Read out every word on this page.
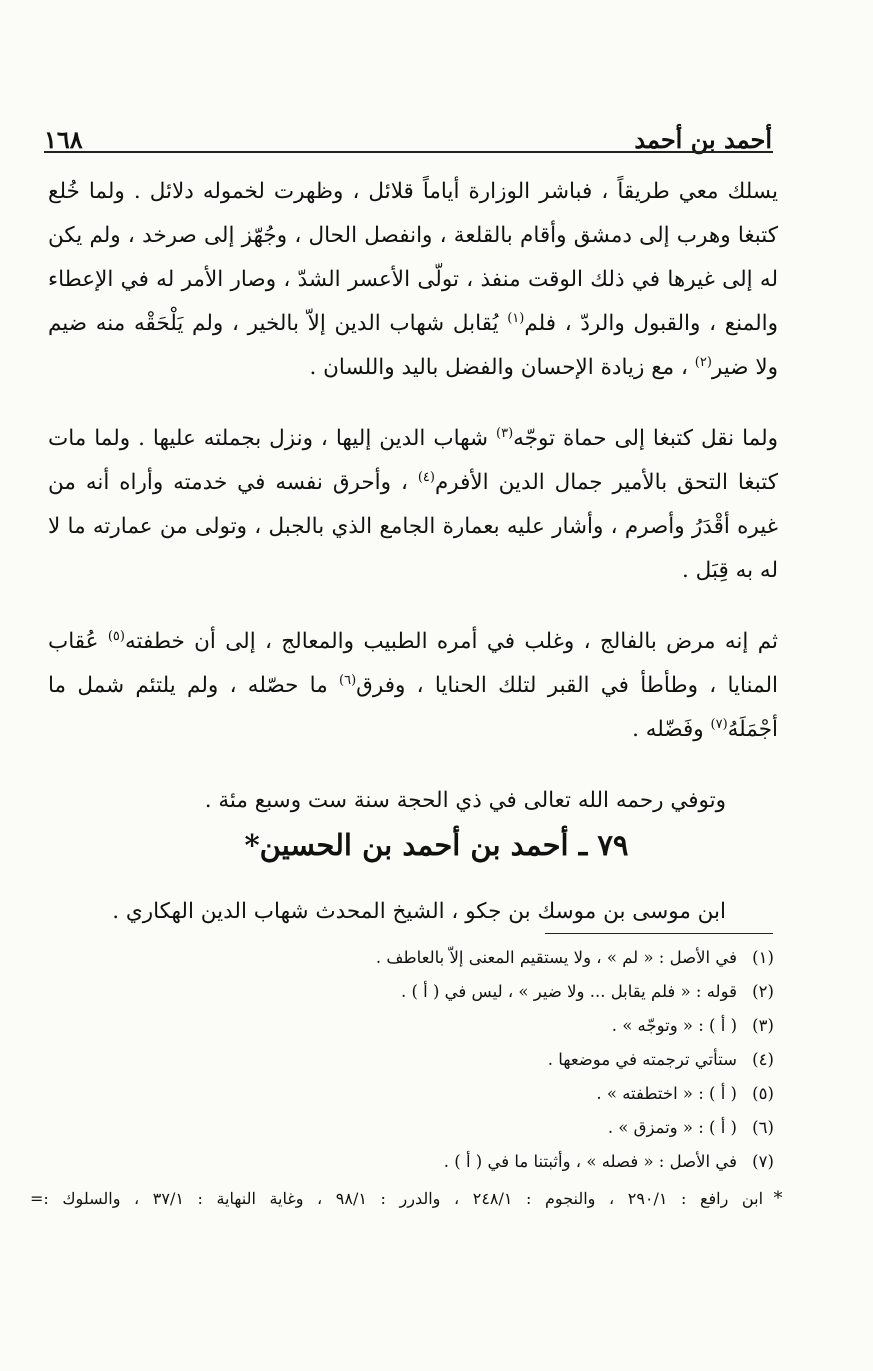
أحمد بن أحمد
١٦٨

يسلك معي طريقاً ، فباشر الوزارة أياماً قلائل ، وظهرت لخموله دلائل . ولما خُلع كتبغا وهرب إلى دمشق وأقام بالقلعة ، وانفصل الحال ، وجُهّز إلى صرخد ، ولم يكن له إلى غيرها في ذلك الوقت منفذ ، تولّى الأعسر الشدّ ، وصار الأمر له في الإعطاء والمنع ، والقبول والردّ ، فلم$^{(١)}$ يُقابل شهاب الدين إلاّ بالخير ، ولم يَلْحَقْه منه ضيم ولا ضير$^{(٢)}$ ، مع زيادة الإحسان والفضل باليد واللسان .

ولما نقل كتبغا إلى حماة توجّه$^{(٣)}$ شهاب الدين إليها ، ونزل بجملته عليها . ولما مات كتبغا التحق بالأمير جمال الدين الأفرم$^{(٤)}$ ، وأحرق نفسه في خدمته وأراه أنه من غيره أقْدَرُ وأصرم ، وأشار عليه بعمارة الجامع الذي بالجبل ، وتولى من عمارته ما لا له به قِبَل .

ثم إنه مرض بالفالج ، وغلب في أمره الطبيب والمعالج ، إلى أن خطفته$^{(٥)}$ عُقاب المنايا ، وطأطأ في القبر لتلك الحنايا ، وفرق$^{(٦)}$ ما حصّله ، ولم يلتئم شمل ما أجْمَلَهُ$^{(٧)}$ وفَضّله .

وتوفي رحمه الله تعالى في ذي الحجة سنة ست وسبع مئة .

٧٩ ـ أحمد بن أحمد بن الحسين*
ابن موسى بن موسك بن جكو ، الشيخ المحدث شهاب الدين الهكاري .
(١)
في الأصل : « لم » ، ولا يستقيم المعنى إلاّ بالعاطف .
(٢)
قوله : « فلم يقابل ... ولا ضير » ، ليس في ( أ ) .
(٣)
( أ ) : « وتوجّه » .
(٤)
ستأتي ترجمته في موضعها .
(٥)
( أ ) : « اختطفته » .
(٦)
( أ ) : « وتمزق » .
(٧)
في الأصل : « فصله » ، وأثبتنا ما في ( أ ) .
*
ابن رافع : ٢٩٠/١ ، والنجوم : ٢٤٨/١ ، والدرر : ٩٨/١ ، وغاية النهاية : ٣٧/١ ، والسلوك :=
